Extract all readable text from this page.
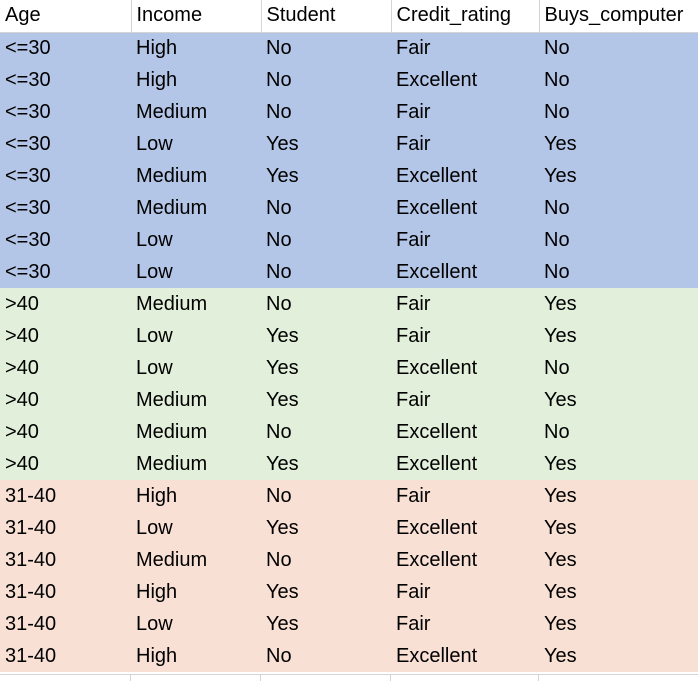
Age	Income	Student	Credit_rating	Buys_computer
<=30	High	No	Fair	No
<=30	High	No	Excellent	No
<=30	Medium	No	Fair	No
<=30	Low	Yes	Fair	Yes
<=30	Medium	Yes	Excellent	Yes
<=30	Medium	No	Excellent	No
<=30	Low	No	Fair	No
<=30	Low	No	Excellent	No
>40	Medium	No	Fair	Yes
>40	Low	Yes	Fair	Yes
>40	Low	Yes	Excellent	No
>40	Medium	Yes	Fair	Yes
>40	Medium	No	Excellent	No
>40	Medium	Yes	Excellent	Yes
31-40	High	No	Fair	Yes
31-40	Low	Yes	Excellent	Yes
31-40	Medium	No	Excellent	Yes
31-40	High	Yes	Fair	Yes
31-40	Low	Yes	Fair	Yes
31-40	High	No	Excellent	Yes
